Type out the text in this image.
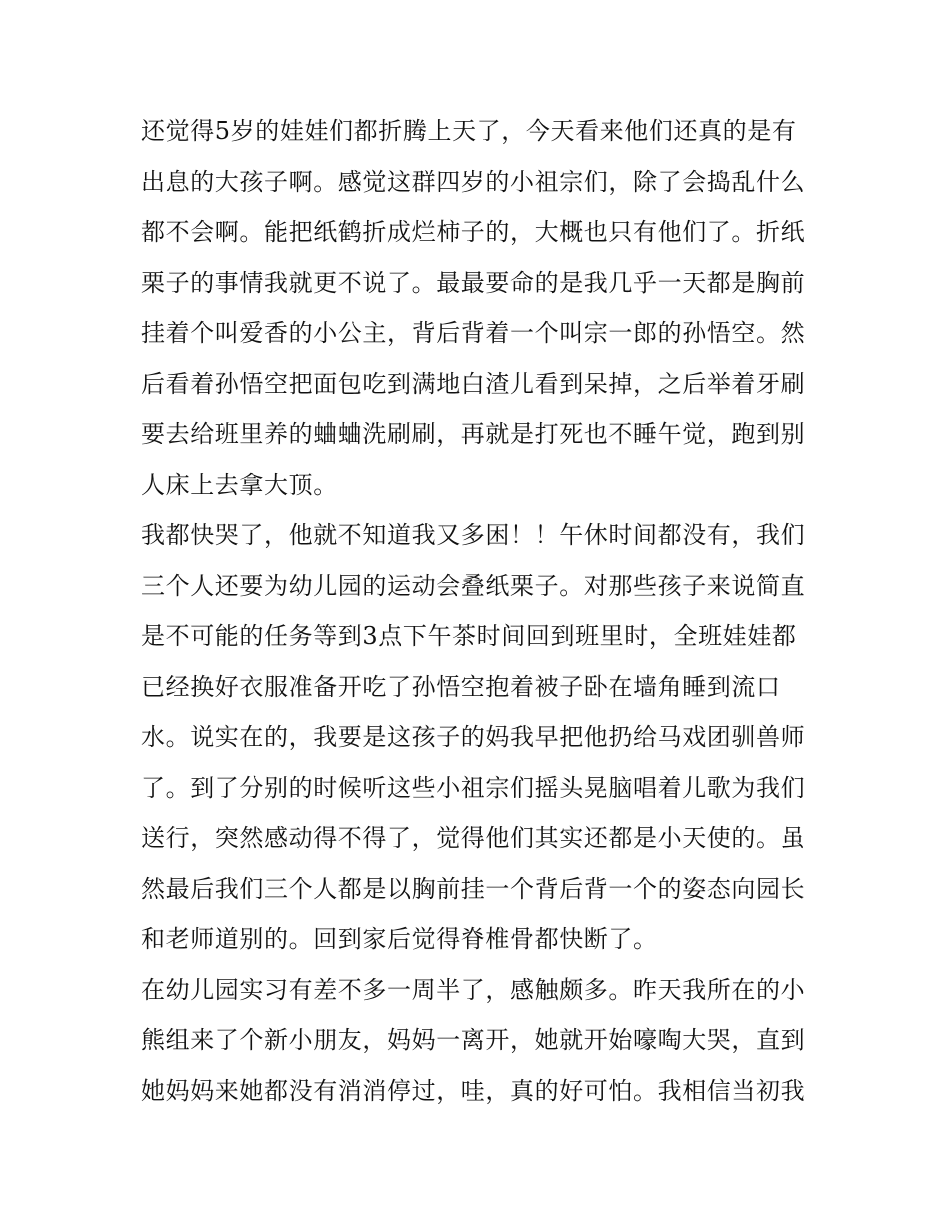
还觉得5岁的娃娃们都折腾上天了，今天看来他们还真的是有
出息的大孩子啊。感觉这群四岁的小祖宗们，除了会捣乱什么
都不会啊。能把纸鹤折成烂柿子的，大概也只有他们了。折纸
栗子的事情我就更不说了。最最要命的是我几乎一天都是胸前
挂着个叫爱香的小公主，背后背着一个叫宗一郎的孙悟空。然
后看着孙悟空把面包吃到满地白渣儿看到呆掉，之后举着牙刷
要去给班里养的蛐蛐洗刷刷，再就是打死也不睡午觉，跑到别
人床上去拿大顶。
我都快哭了，他就不知道我又多困！！午休时间都没有，我们
三个人还要为幼儿园的运动会叠纸栗子。对那些孩子来说简直
是不可能的任务等到3点下午茶时间回到班里时，全班娃娃都
已经换好衣服准备开吃了孙悟空抱着被子卧在墙角睡到流口
水。说实在的，我要是这孩子的妈我早把他扔给马戏团驯兽师
了。到了分别的时候听这些小祖宗们摇头晃脑唱着儿歌为我们
送行，突然感动得不得了，觉得他们其实还都是小天使的。虽
然最后我们三个人都是以胸前挂一个背后背一个的姿态向园长
和老师道别的。回到家后觉得脊椎骨都快断了。
在幼儿园实习有差不多一周半了，感触颇多。昨天我所在的小
熊组来了个新小朋友，妈妈一离开，她就开始嚎啕大哭，直到
她妈妈来她都没有消消停过，哇，真的好可怕。我相信当初我
